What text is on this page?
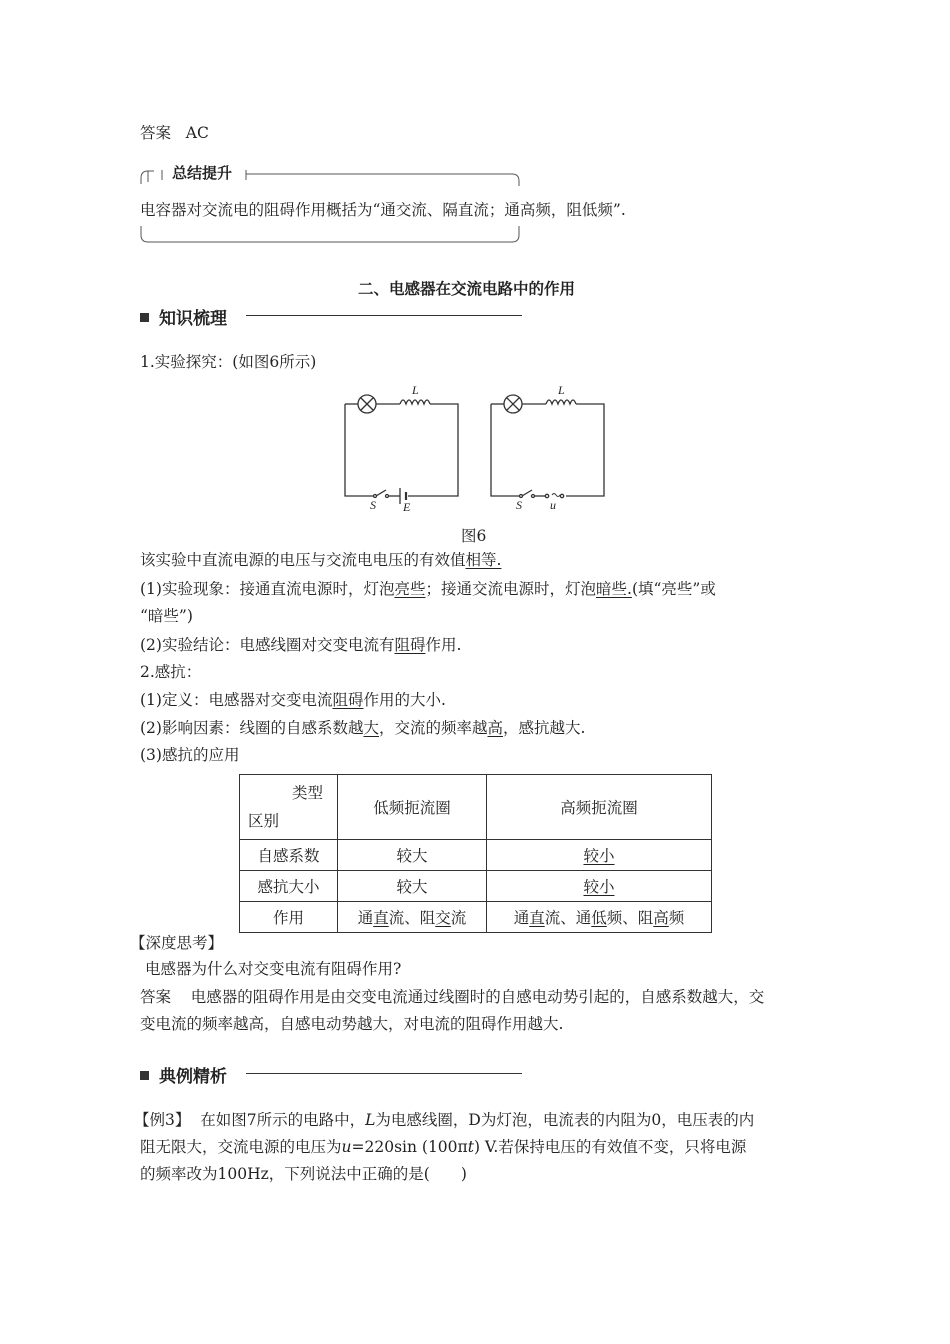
答案 AC
总结提升
电容器对交流电的阻碍作用概括为“通交流、隔直流；通高频，阻低频”.
二、电感器在交流电路中的作用
知识梳理
1.实验探究：(如图6所示)
L
S E
L
S u
图6
该实验中直流电源的电压与交流电电压的有效值相等.
(1)实验现象：接通直流电源时，灯泡亮些；接通交流电源时，灯泡暗些.(填“亮些”或
“暗些”)
(2)实验结论：电感线圈对交变电流有阻碍作用.
2.感抗：
(1)定义：电感器对交变电流阻碍作用的大小.
(2)影响因素：线圈的自感系数越大，交流的频率越高，感抗越大.
(3)感抗的应用
类型
区别	低频扼流圈	高频扼流圈
自感系数	较大	较小
感抗大小	较大	较小
作用	通直流、阻交流	通直流、通低频、阻高频
【深度思考】
电感器为什么对交变电流有阻碍作用?
答案 电感器的阻碍作用是由交变电流通过线圈时的自感电动势引起的，自感系数越大，交
变电流的频率越高，自感电动势越大，对电流的阻碍作用越大.
典例精析
【例3】 在如图7所示的电路中，L为电感线圈，D为灯泡，电流表的内阻为0，电压表的内
阻无限大，交流电源的电压为u=220sin (100πt) V.若保持电压的有效值不变，只将电源
的频率改为100Hz，下列说法中正确的是(　　)
